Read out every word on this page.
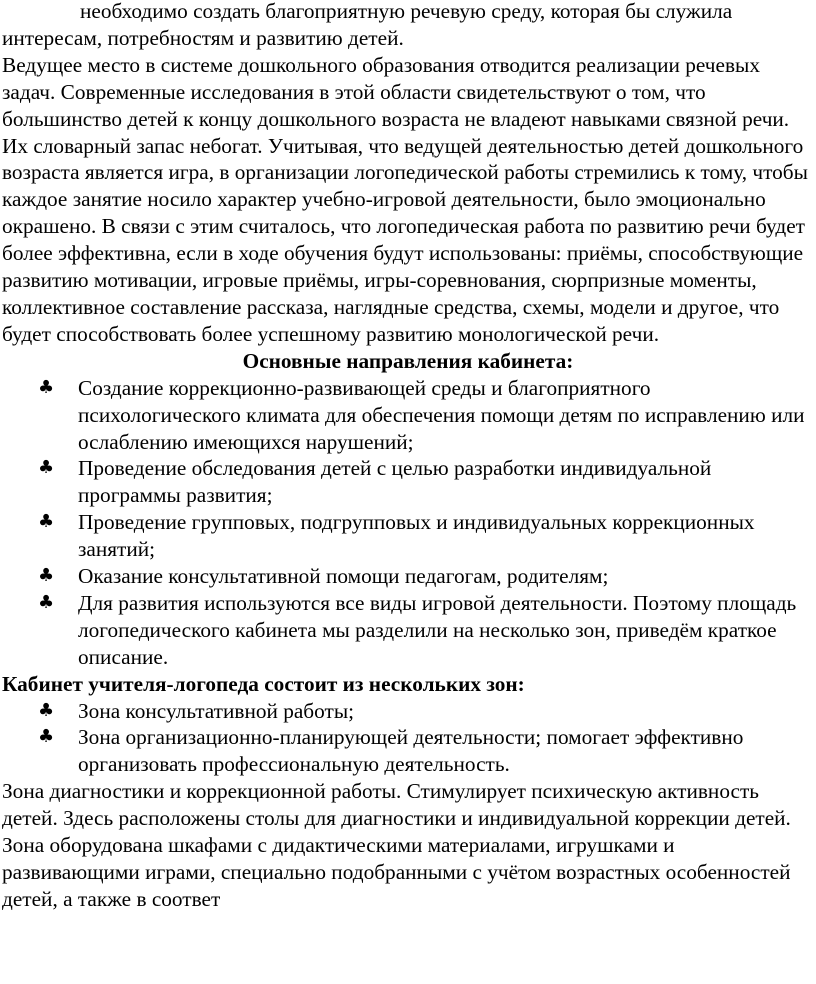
необходимо создать благоприятную речевую среду, которая бы служила интересам, потребностям и развитию детей.

Ведущее место в системе дошкольного образования отводится реализации речевых задач. Современные исследования в этой области свидетельствуют о том, что большинство детей к концу дошкольного возраста не владеют навыками связной речи. Их словарный запас небогат. Учитывая, что ведущей деятельностью детей дошкольного возраста является игра, в организации логопедической работы стремились к тому, чтобы каждое занятие носило характер учебно-игровой деятельности, было эмоционально окрашено. В связи с этим считалось, что логопедическая работа по развитию речи будет более эффективна, если в ходе обучения будут использованы: приёмы, способствующие развитию мотивации, игровые приёмы, игры-соревнования, сюрпризные моменты, коллективное составление рассказа, наглядные средства, схемы, модели и другое, что будет способствовать более успешному развитию монологической речи.

Основные направления кабинета:

♣ Создание коррекционно-развивающей среды и благоприятного психологического климата для обеспечения помощи детям по исправлению или ослаблению имеющихся нарушений;
♣ Проведение обследования детей с целью разработки индивидуальной программы развития;
♣ Проведение групповых, подгрупповых и индивидуальных коррекционных занятий;
♣ Оказание консультативной помощи педагогам, родителям;
♣ Для развития используются все виды игровой деятельности. Поэтому площадь логопедического кабинета мы разделили на несколько зон, приведём краткое описание.

Кабинет учителя-логопеда состоит из нескольких зон:

♣ Зона консультативной работы;
♣ Зона организационно-планирующей деятельности; помогает эффективно организовать профессиональную деятельность.

Зона диагностики и коррекционной работы. Стимулирует психическую активность детей. Здесь расположены столы для диагностики и индивидуальной коррекции детей. Зона оборудована шкафами с дидактическими материалами, игрушками и развивающими играми, специально подобранными с учётом возрастных особенностей детей, а также в соответ
